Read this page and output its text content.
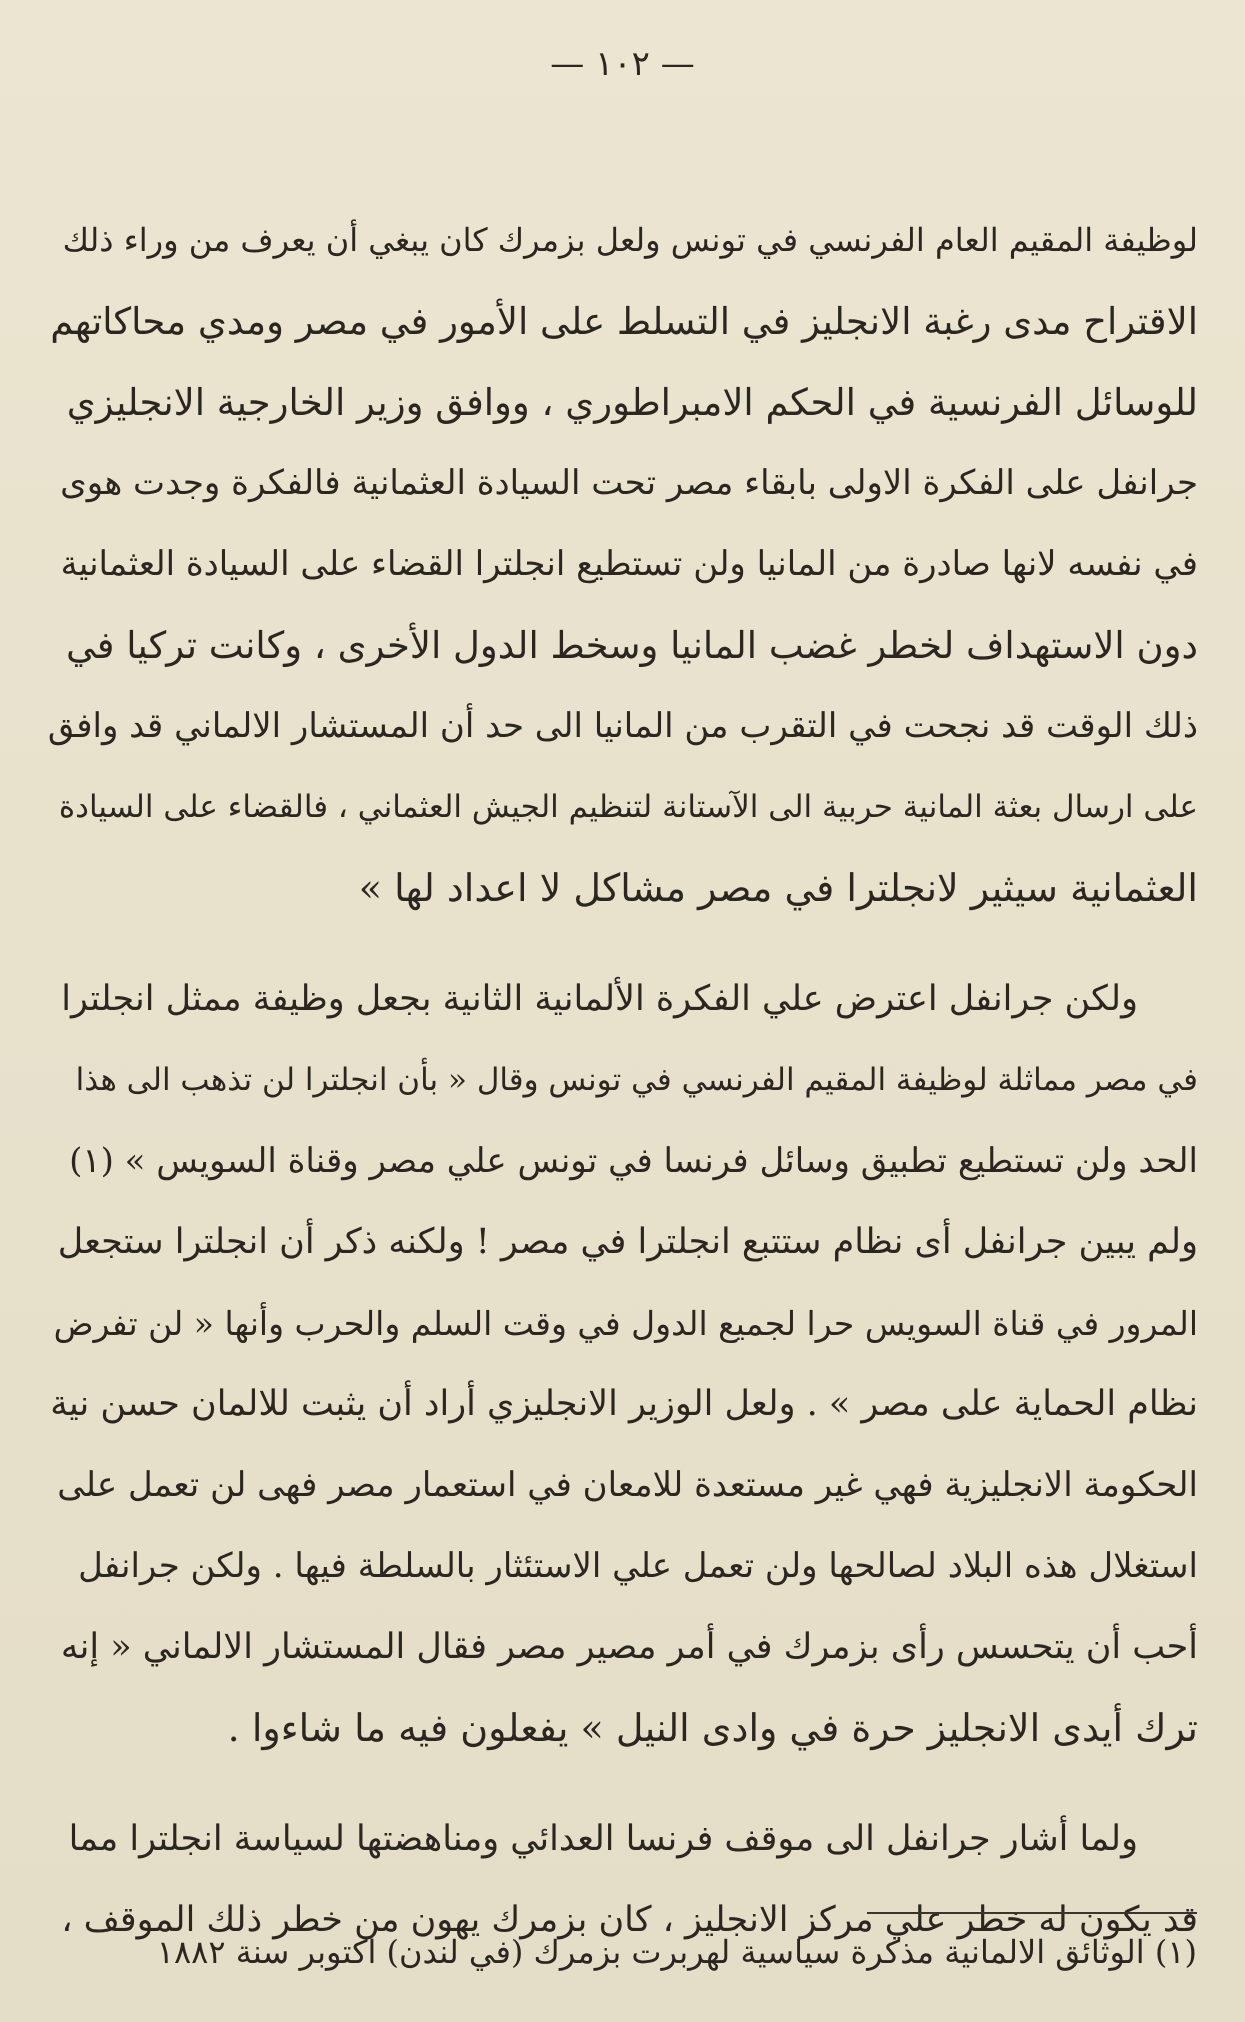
— ١٠٢ —
لوظيفة المقيم العام الفرنسي في تونس ولعل بزمرك كان يبغي أن يعرف من وراء ذلك
الاقتراح مدى رغبة الانجليز في التسلط على الأمور في مصر ومدي محاكاتهم
للوسائل الفرنسية في الحكم الامبراطوري ، ووافق وزير الخارجية الانجليزي
جرانفل على الفكرة الاولى بابقاء مصر تحت السيادة العثمانية فالفكرة وجدت هوى
في نفسه لانها صادرة من المانيا ولن تستطيع انجلترا القضاء على السيادة العثمانية
دون الاستهداف لخطر غضب المانيا وسخط الدول الأخرى ، وكانت تركيا في
ذلك الوقت قد نجحت في التقرب من المانيا الى حد أن المستشار الالماني قد وافق
على ارسال بعثة المانية حربية الى الآستانة لتنظيم الجيش العثماني ، فالقضاء على السيادة
العثمانية سيثير لانجلترا في مصر مشاكل لا اعداد لها »
ولكن جرانفل اعترض علي الفكرة الألمانية الثانية بجعل وظيفة ممثل انجلترا
في مصر مماثلة لوظيفة المقيم الفرنسي في تونس وقال « بأن انجلترا لن تذهب الى هذا
الحد ولن تستطيع تطبيق وسائل فرنسا في تونس علي مصر وقناة السويس » (١)
ولم يبين جرانفل أى نظام ستتبع انجلترا في مصر ! ولكنه ذكر أن انجلترا ستجعل
المرور في قناة السويس حرا لجميع الدول في وقت السلم والحرب وأنها « لن تفرض
نظام الحماية على مصر » . ولعل الوزير الانجليزي أراد أن يثبت للالمان حسن نية
الحكومة الانجليزية فهي غير مستعدة للامعان في استعمار مصر فهى لن تعمل على
استغلال هذه البلاد لصالحها ولن تعمل علي الاستئثار بالسلطة فيها . ولكن جرانفل
أحب أن يتحسس رأى بزمرك في أمر مصير مصر فقال المستشار الالماني « إنه
ترك أيدى الانجليز حرة في وادى النيل » يفعلون فيه ما شاءوا .
ولما أشار جرانفل الى موقف فرنسا العدائي ومناهضتها لسياسة انجلترا مما
قد يكون له خطر علي مركز الانجليز ، كان بزمرك يهون من خطر ذلك الموقف ،
(١) الوثائق الالمانية مذكرة سياسية لهربرت بزمرك (في لندن) اكتوبر سنة ١٨٨٢
